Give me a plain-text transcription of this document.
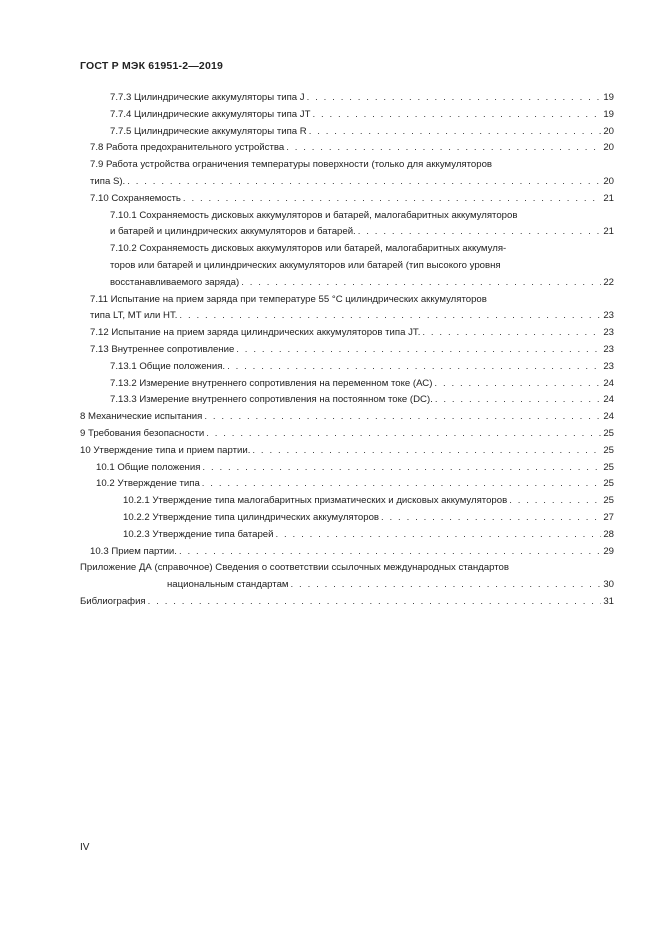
ГОСТ Р МЭК 61951-2—2019
7.7.3 Цилиндрические аккумуляторы типа J . . .	19
7.7.4 Цилиндрические аккумуляторы типа JT . . .	19
7.7.5 Цилиндрические аккумуляторы типа R . . .	20
7.8 Работа предохранительного устройства . . .	20
7.9 Работа устройства ограничения температуры поверхности (только для аккумуляторов
типа S). . . .	20
7.10 Сохраняемость . . .	21
7.10.1 Сохраняемость дисковых аккумуляторов и батарей, малогабаритных аккумуляторов
и батарей и цилиндрических аккумуляторов и батарей. . . .	21
7.10.2 Сохраняемость дисковых аккумуляторов или батарей, малогабаритных аккумуля-
торов или батарей и цилиндрических аккумуляторов или батарей (тип высокого уровня
восстанавливаемого заряда) . . .	22
7.11 Испытание на прием заряда при температуре 55 °С цилиндрических аккумуляторов
типа LT, MT или НТ. . . .	23
7.12 Испытание на прием заряда цилиндрических аккумуляторов типа JT. . . .	23
7.13 Внутреннее сопротивление . . .	23
7.13.1 Общие положения. . . .	23
7.13.2 Измерение внутреннего сопротивления на переменном токе (АС) . . .	24
7.13.3 Измерение внутреннего сопротивления на постоянном токе (DC). . . .	24
8 Механические испытания . . .	24
9 Требования безопасности . . .	25
10 Утверждение типа и прием партии. . . .	25
10.1 Общие положения . . .	25
10.2 Утверждение типа . . .	25
10.2.1 Утверждение типа малогабаритных призматических и дисковых аккумуляторов . . .	25
10.2.2 Утверждение типа цилиндрических аккумуляторов . . .	27
10.2.3 Утверждение типа батарей . . .	28
10.3 Прием партии. . . .	29
Приложение ДА (справочное) Сведения о соответствии ссылочных международных стандартов
национальным стандартам . . .	30
Библиография . . .	31
IV
